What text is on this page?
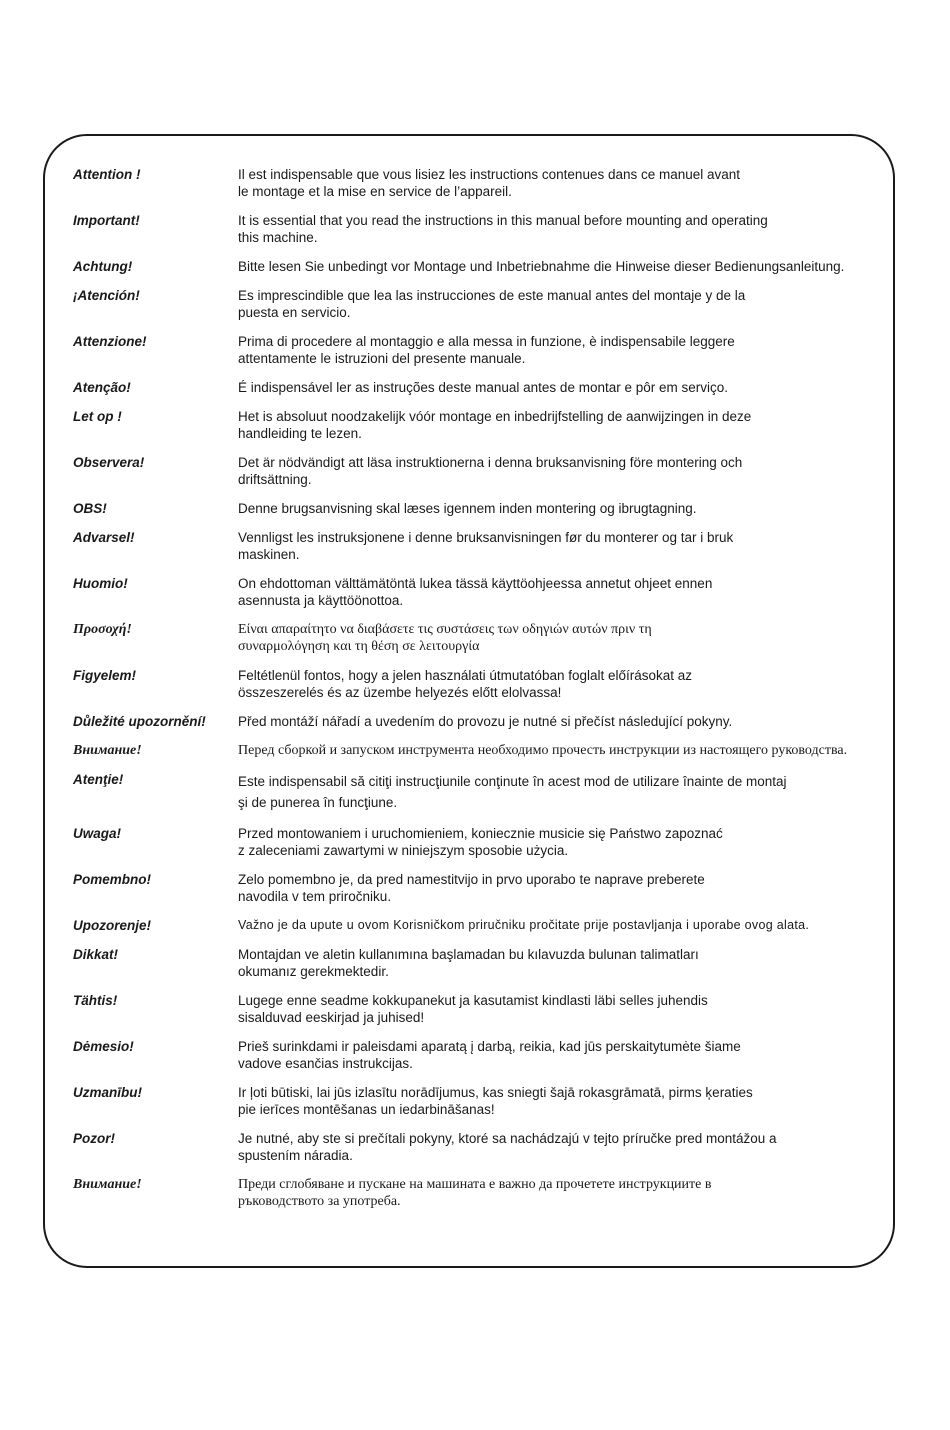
Attention !	Il est indispensable que vous lisiez les instructions contenues dans ce manuel avant
le montage et la mise en service de l’appareil.
Important!	It is essential that you read the instructions in this manual before mounting and operating
this machine.
Achtung!	Bitte lesen Sie unbedingt vor Montage und Inbetriebnahme die Hinweise dieser Bedienungsanleitung.
¡Atención!	Es imprescindible que lea las instrucciones de este manual antes del montaje y de la
puesta en servicio.
Attenzione!	Prima di procedere al montaggio e alla messa in funzione, è indispensabile leggere
attentamente le istruzioni del presente manuale.
Atenção!	É indispensável ler as instruções deste manual antes de montar e pôr em serviço.
Let op !	Het is absoluut noodzakelijk vóór montage en inbedrijfstelling de aanwijzingen in deze
handleiding te lezen.
Observera!	Det är nödvändigt att läsa instruktionerna i denna bruksanvisning före montering och
driftsättning.
OBS!	Denne brugsanvisning skal læses igennem inden montering og ibrugtagning.
Advarsel!	Vennligst les instruksjonene i denne bruksanvisningen før du monterer og tar i bruk
maskinen.
Huomio!	On ehdottoman välttämätöntä lukea tässä käyttöohjeessa annetut ohjeet ennen
asennusta ja käyttöönottoa.
Προσοχή!	Είναι απαραίτητο να διαβάσετε τις συστάσεις των οδηγιών αυτών πριν τη
συναρμολόγηση και τη θέση σε λειτουργία
Figyelem!	Feltétlenül fontos, hogy a jelen használati útmutatóban foglalt előírásokat az
összeszerelés és az üzembe helyezés előtt elolvassa!
Důležité upozornění!	Před montáží nářadí a uvedením do provozu je nutné si přečíst následující pokyny.
Внимание!	Перед сборкой и запуском инструмента необходимо прочесть инструкции из настоящего руководства.
Atenţie!	Este indispensabil să citiţi instrucţiunile conţinute în acest mod de utilizare înainte de montaj
şi de punerea în funcţiune.
Uwaga!	Przed montowaniem i uruchomieniem, koniecznie musicie się Państwo zapoznać
z zaleceniami zawartymi w niniejszym sposobie użycia.
Pomembno!	Zelo pomembno je, da pred namestitvijo in prvo uporabo te naprave preberete
navodila v tem priročniku.
Upozorenje!	Važno je da upute u ovom Korisničkom priručniku pročitate prije postavljanja i uporabe ovog alata.
Dikkat!	Montajdan ve aletin kullanımına başlamadan bu kılavuzda bulunan talimatları
okumanız gerekmektedir.
Tähtis!	Lugege enne seadme kokkupanekut ja kasutamist kindlasti läbi selles juhendis
sisalduvad eeskirjad ja juhised!
Dėmesio!	Prieš surinkdami ir paleisdami aparatą į darbą, reikia, kad jūs perskaitytumėte šiame
vadove esančias instrukcijas.
Uzmanību!	Ir ļoti būtiski, lai jūs izlasītu norādījumus, kas sniegti šajā rokasgrāmatā, pirms ķeraties
pie ierīces montēšanas un iedarbināšanas!
Pozor!	Je nutné, aby ste si prečítali pokyny, ktoré sa nachádzajú v tejto príručke pred montážou a
spustením náradia.
Внимание!	Преди сглобяване и пускане на машината е важно да прочетете инструкциите в
ръководството за употреба.
